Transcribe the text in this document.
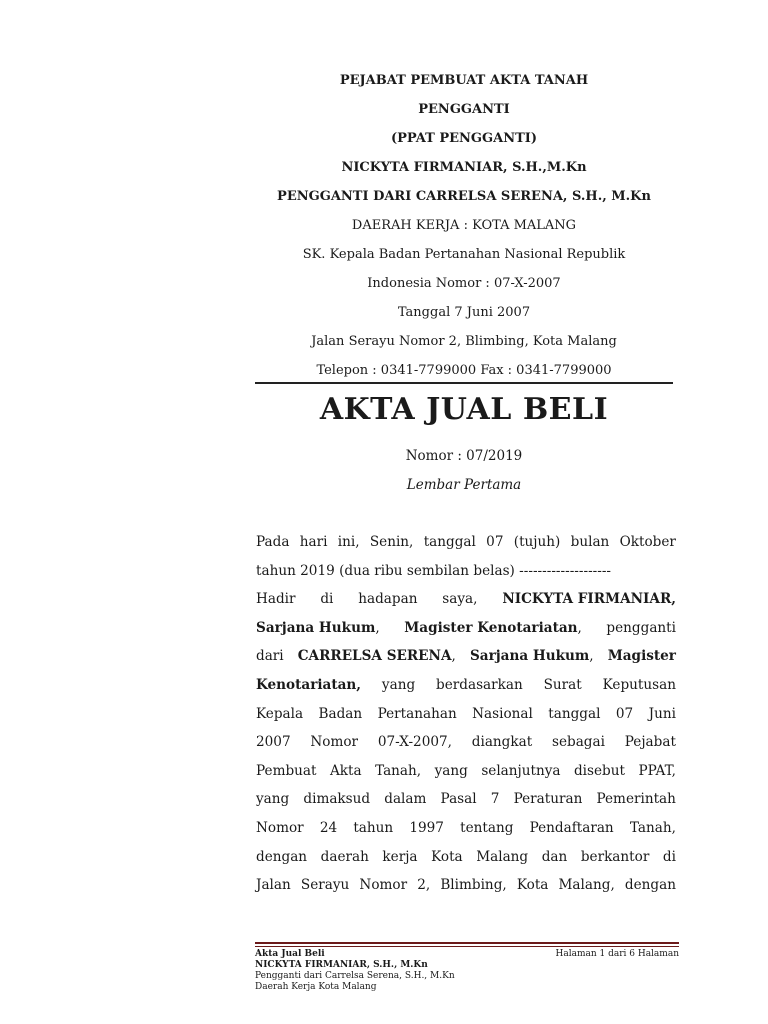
PEJABAT PEMBUAT AKTA TANAH
PENGGANTI
(PPAT PENGGANTI)
NICKYTA FIRMANIAR, S.H.,M.Kn
PENGGANTI DARI CARRELSA SERENA, S.H., M.Kn
DAERAH KERJA : KOTA MALANG
SK. Kepala Badan Pertanahan Nasional Republik
Indonesia Nomor : 07-X-2007
Tanggal 7 Juni 2007
Jalan Serayu Nomor 2, Blimbing, Kota Malang
Telepon : 0341-7799000 Fax : 0341-7799000
AKTA JUAL BELI
Nomor : 07/2019
Lembar Pertama
Pada hari ini, Senin, tanggal 07 (tujuh) bulan Oktober
tahun 2019 (dua ribu sembilan belas) --------------------
Hadir di hadapan saya, NICKYTA FIRMANIAR,
Sarjana Hukum, Magister Kenotariatan, pengganti
dari CARRELSA SERENA, Sarjana Hukum, Magister
Kenotariatan, yang berdasarkan Surat Keputusan
Kepala Badan Pertanahan Nasional tanggal 07 Juni
2007 Nomor 07-X-2007, diangkat sebagai Pejabat
Pembuat Akta Tanah, yang selanjutnya disebut PPAT,
yang dimaksud dalam Pasal 7 Peraturan Pemerintah
Nomor 24 tahun 1997 tentang Pendaftaran Tanah,
dengan daerah kerja Kota Malang dan berkantor di
Jalan Serayu Nomor 2, Blimbing, Kota Malang, dengan
Akta Jual Beli
NICKYTA FIRMANIAR, S.H., M.Kn
Pengganti dari Carrelsa Serena, S.H., M.Kn
Daerah Kerja Kota Malang
Halaman 1 dari 6 Halaman
